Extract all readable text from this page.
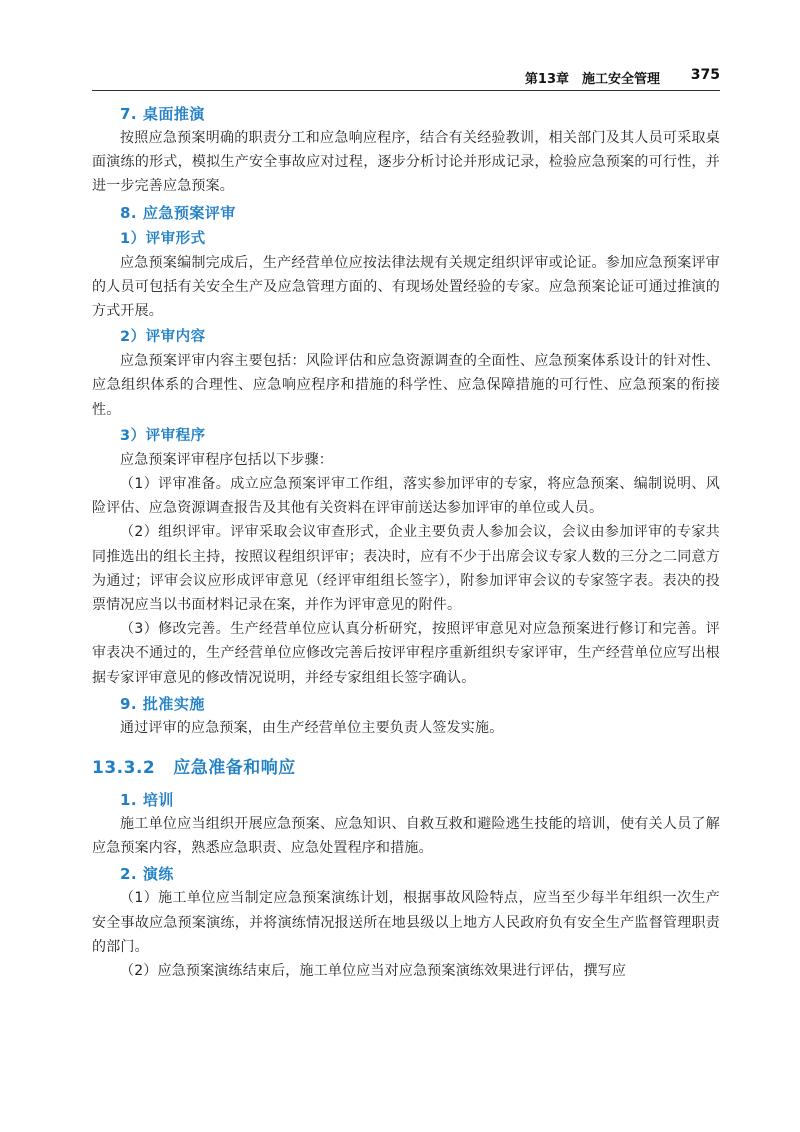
第13章　施工安全管理 375
7. 桌面推演

按照应急预案明确的职责分工和应急响应程序，结合有关经验教训，相关部门及其人员可采取桌面演练的形式，模拟生产安全事故应对过程，逐步分析讨论并形成记录，检验应急预案的可行性，并进一步完善应急预案。

8. 应急预案评审
1）评审形式

应急预案编制完成后，生产经营单位应按法律法规有关规定组织评审或论证。参加应急预案评审的人员可包括有关安全生产及应急管理方面的、有现场处置经验的专家。应急预案论证可通过推演的方式开展。

2）评审内容

应急预案评审内容主要包括：风险评估和应急资源调查的全面性、应急预案体系设计的针对性、应急组织体系的合理性、应急响应程序和措施的科学性、应急保障措施的可行性、应急预案的衔接性。

3）评审程序

应急预案评审程序包括以下步骤：

（1）评审准备。成立应急预案评审工作组，落实参加评审的专家，将应急预案、编制说明、风险评估、应急资源调查报告及其他有关资料在评审前送达参加评审的单位或人员。

（2）组织评审。评审采取会议审查形式，企业主要负责人参加会议，会议由参加评审的专家共同推选出的组长主持，按照议程组织评审；表决时，应有不少于出席会议专家人数的三分之二同意方为通过；评审会议应形成评审意见（经评审组组长签字），附参加评审会议的专家签字表。表决的投票情况应当以书面材料记录在案，并作为评审意见的附件。

（3）修改完善。生产经营单位应认真分析研究，按照评审意见对应急预案进行修订和完善。评审表决不通过的，生产经营单位应修改完善后按评审程序重新组织专家评审，生产经营单位应写出根据专家评审意见的修改情况说明，并经专家组组长签字确认。

9. 批准实施

通过评审的应急预案，由生产经营单位主要负责人签发实施。

13.3.2 应急准备和响应
1. 培训

施工单位应当组织开展应急预案、应急知识、自救互救和避险逃生技能的培训，使有关人员了解应急预案内容，熟悉应急职责、应急处置程序和措施。

2. 演练

（1）施工单位应当制定应急预案演练计划，根据事故风险特点，应当至少每半年组织一次生产安全事故应急预案演练，并将演练情况报送所在地县级以上地方人民政府负有安全生产监督管理职责的部门。

（2）应急预案演练结束后，施工单位应当对应急预案演练效果进行评估，撰写应
